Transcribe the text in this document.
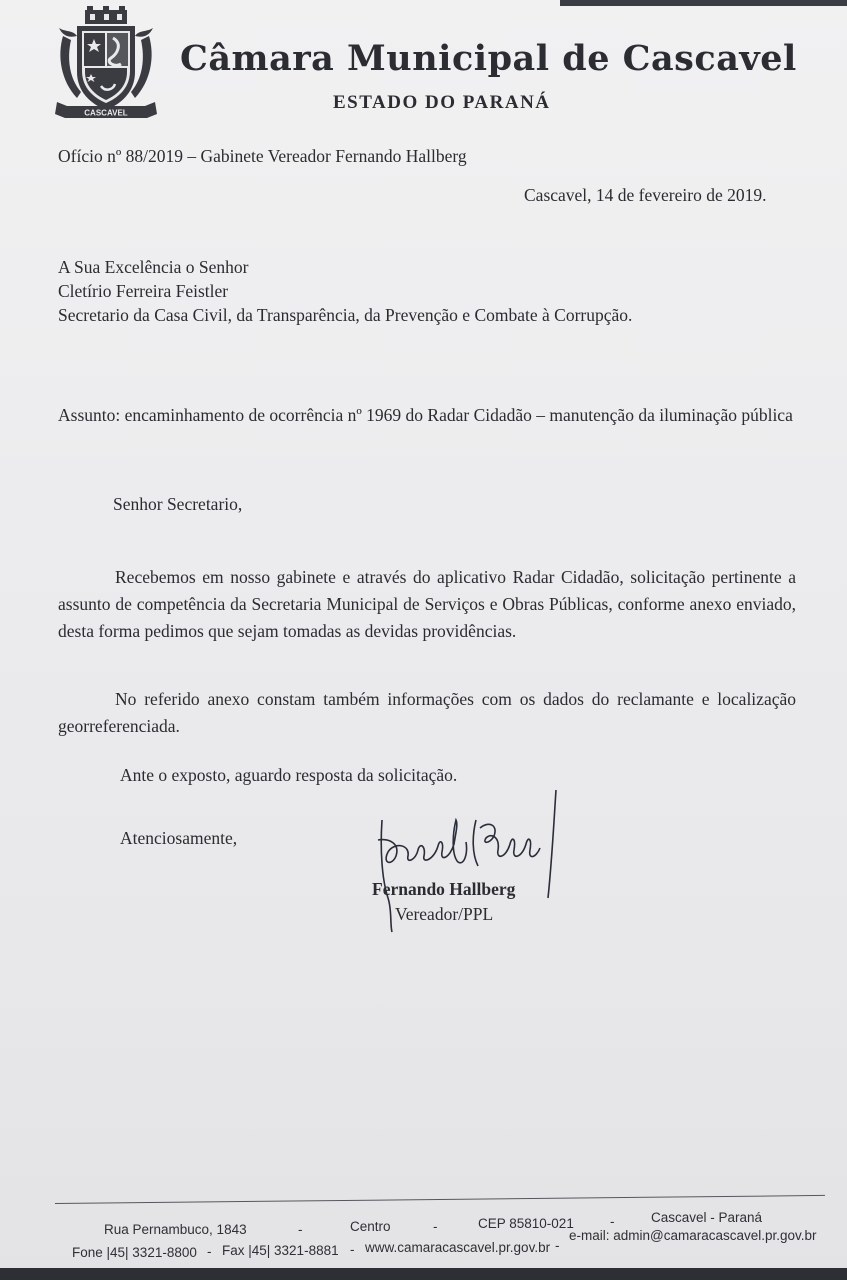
CASCAVEL
Câmara Municipal de Cascavel
ESTADO DO PARANÁ
Ofício nº 88/2019 – Gabinete Vereador Fernando Hallberg
Cascavel, 14 de fevereiro de 2019.
A Sua Excelência o Senhor
Cletírio Ferreira Feistler
Secretario da Casa Civil, da Transparência, da Prevenção e Combate à Corrupção.
Assunto: encaminhamento de ocorrência nº 1969 do Radar Cidadão – manutenção da iluminação pública
Senhor Secretario,
Recebemos em nosso gabinete e através do aplicativo Radar Cidadão, solicitação pertinente a assunto de competência da Secretaria Municipal de Serviços e Obras Públicas, conforme anexo enviado, desta forma pedimos que sejam tomadas as devidas providências.
No referido anexo constam também informações com os dados do reclamante e localização georreferenciada.
Ante o exposto, aguardo resposta da solicitação.
Atenciosamente,
Fernando Hallberg
Vereador/PPL
Rua Pernambuco, 1843	-	Centro	-	CEP 85810-021	-	Cascavel - Paraná
Fone |45| 3321-8800 - Fax |45| 3321-8881 - www.camaracascavel.pr.gov.br -
e-mail: admin@camaracascavel.pr.gov.br
